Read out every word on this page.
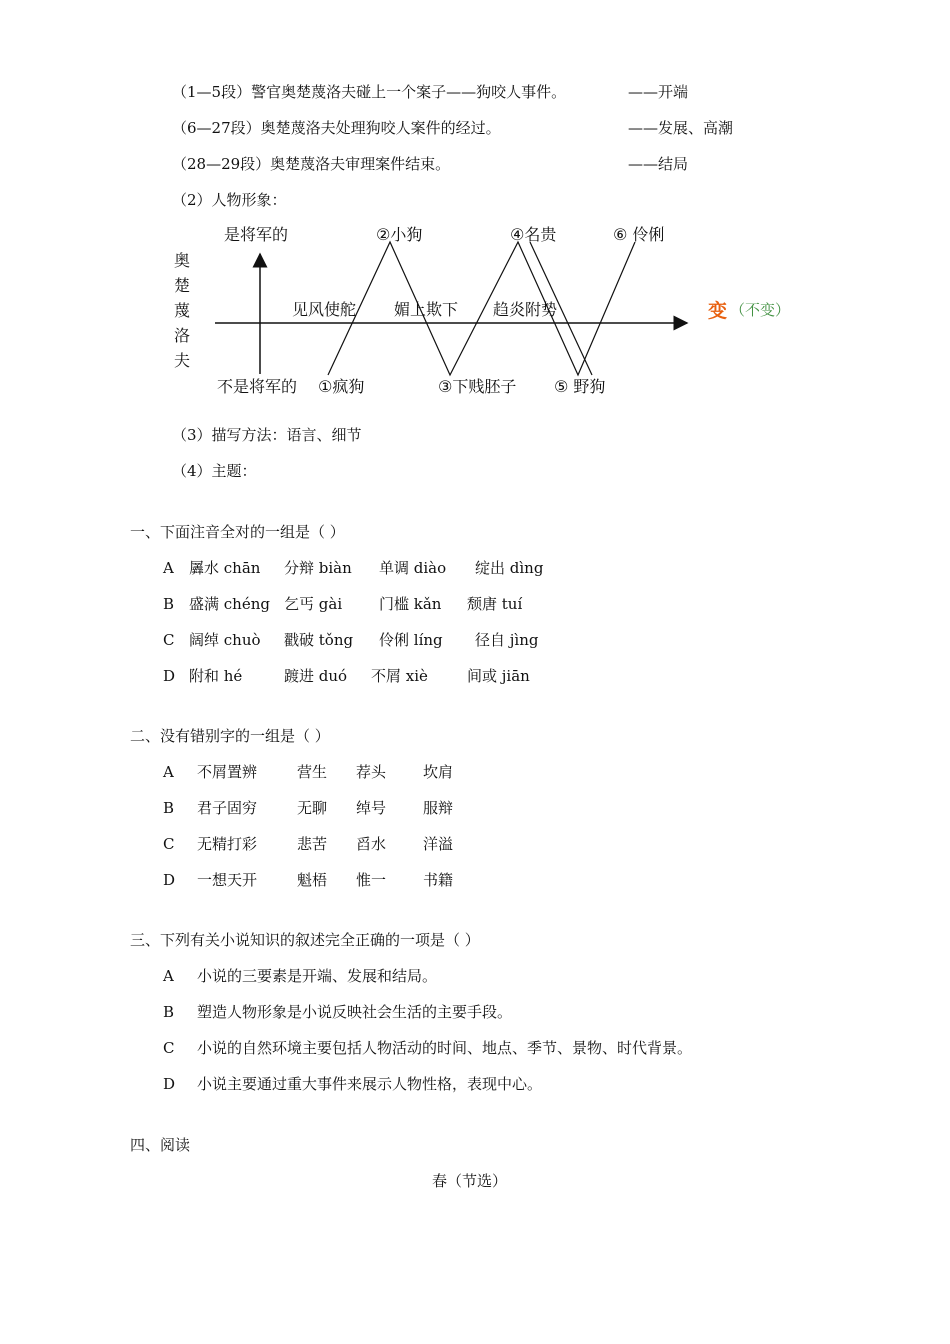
（1—5段）警官奥楚蔑洛夫碰上一个案子——狗咬人事件。	——开端
（6—27段）奥楚蔑洛夫处理狗咬人案件的经过。	——发展、高潮
（28—29段）奥楚蔑洛夫审理案件结束。	——结局
（2）人物形象：
奥
楚
蔑
洛
夫
是将军的
不是将军的
②小狗	④名贵	⑥ 伶俐
①疯狗	③下贱胚子 ⑤ 野狗
见风使舵 媚上欺下 趋炎附势	变 （不变）
（3）描写方法：语言、细节
（4）主题：
一、下面注音全对的一组是（ ）
A 羼水 chān 分辩 biàn 单调 diào 绽出 dìng
B 盛满 chéng 乞丐 gài 门槛 kǎn 颓唐 tuí
C 阔绰 chuò 戳破 tǒng 伶俐 líng 径自 jìng
D 附和 hé	踱进 duó 不屑 xiè	间或 jiān
二、没有错别字的一组是（ ）
A 不屑置辨	营生 荐头 坎肩
B 君子固穷	无聊 绰号 服辩
C 无精打彩	悲苦 舀水 洋溢
D 一想天开	魁梧 惟一 书籍
三、下列有关小说知识的叙述完全正确的一项是（ ）
A 小说的三要素是开端、发展和结局。
B 塑造人物形象是小说反映社会生活的主要手段。
C 小说的自然环境主要包括人物活动的时间、地点、季节、景物、时代背景。
D 小说主要通过重大事件来展示人物性格，表现中心。
四、阅读
春（节选）
